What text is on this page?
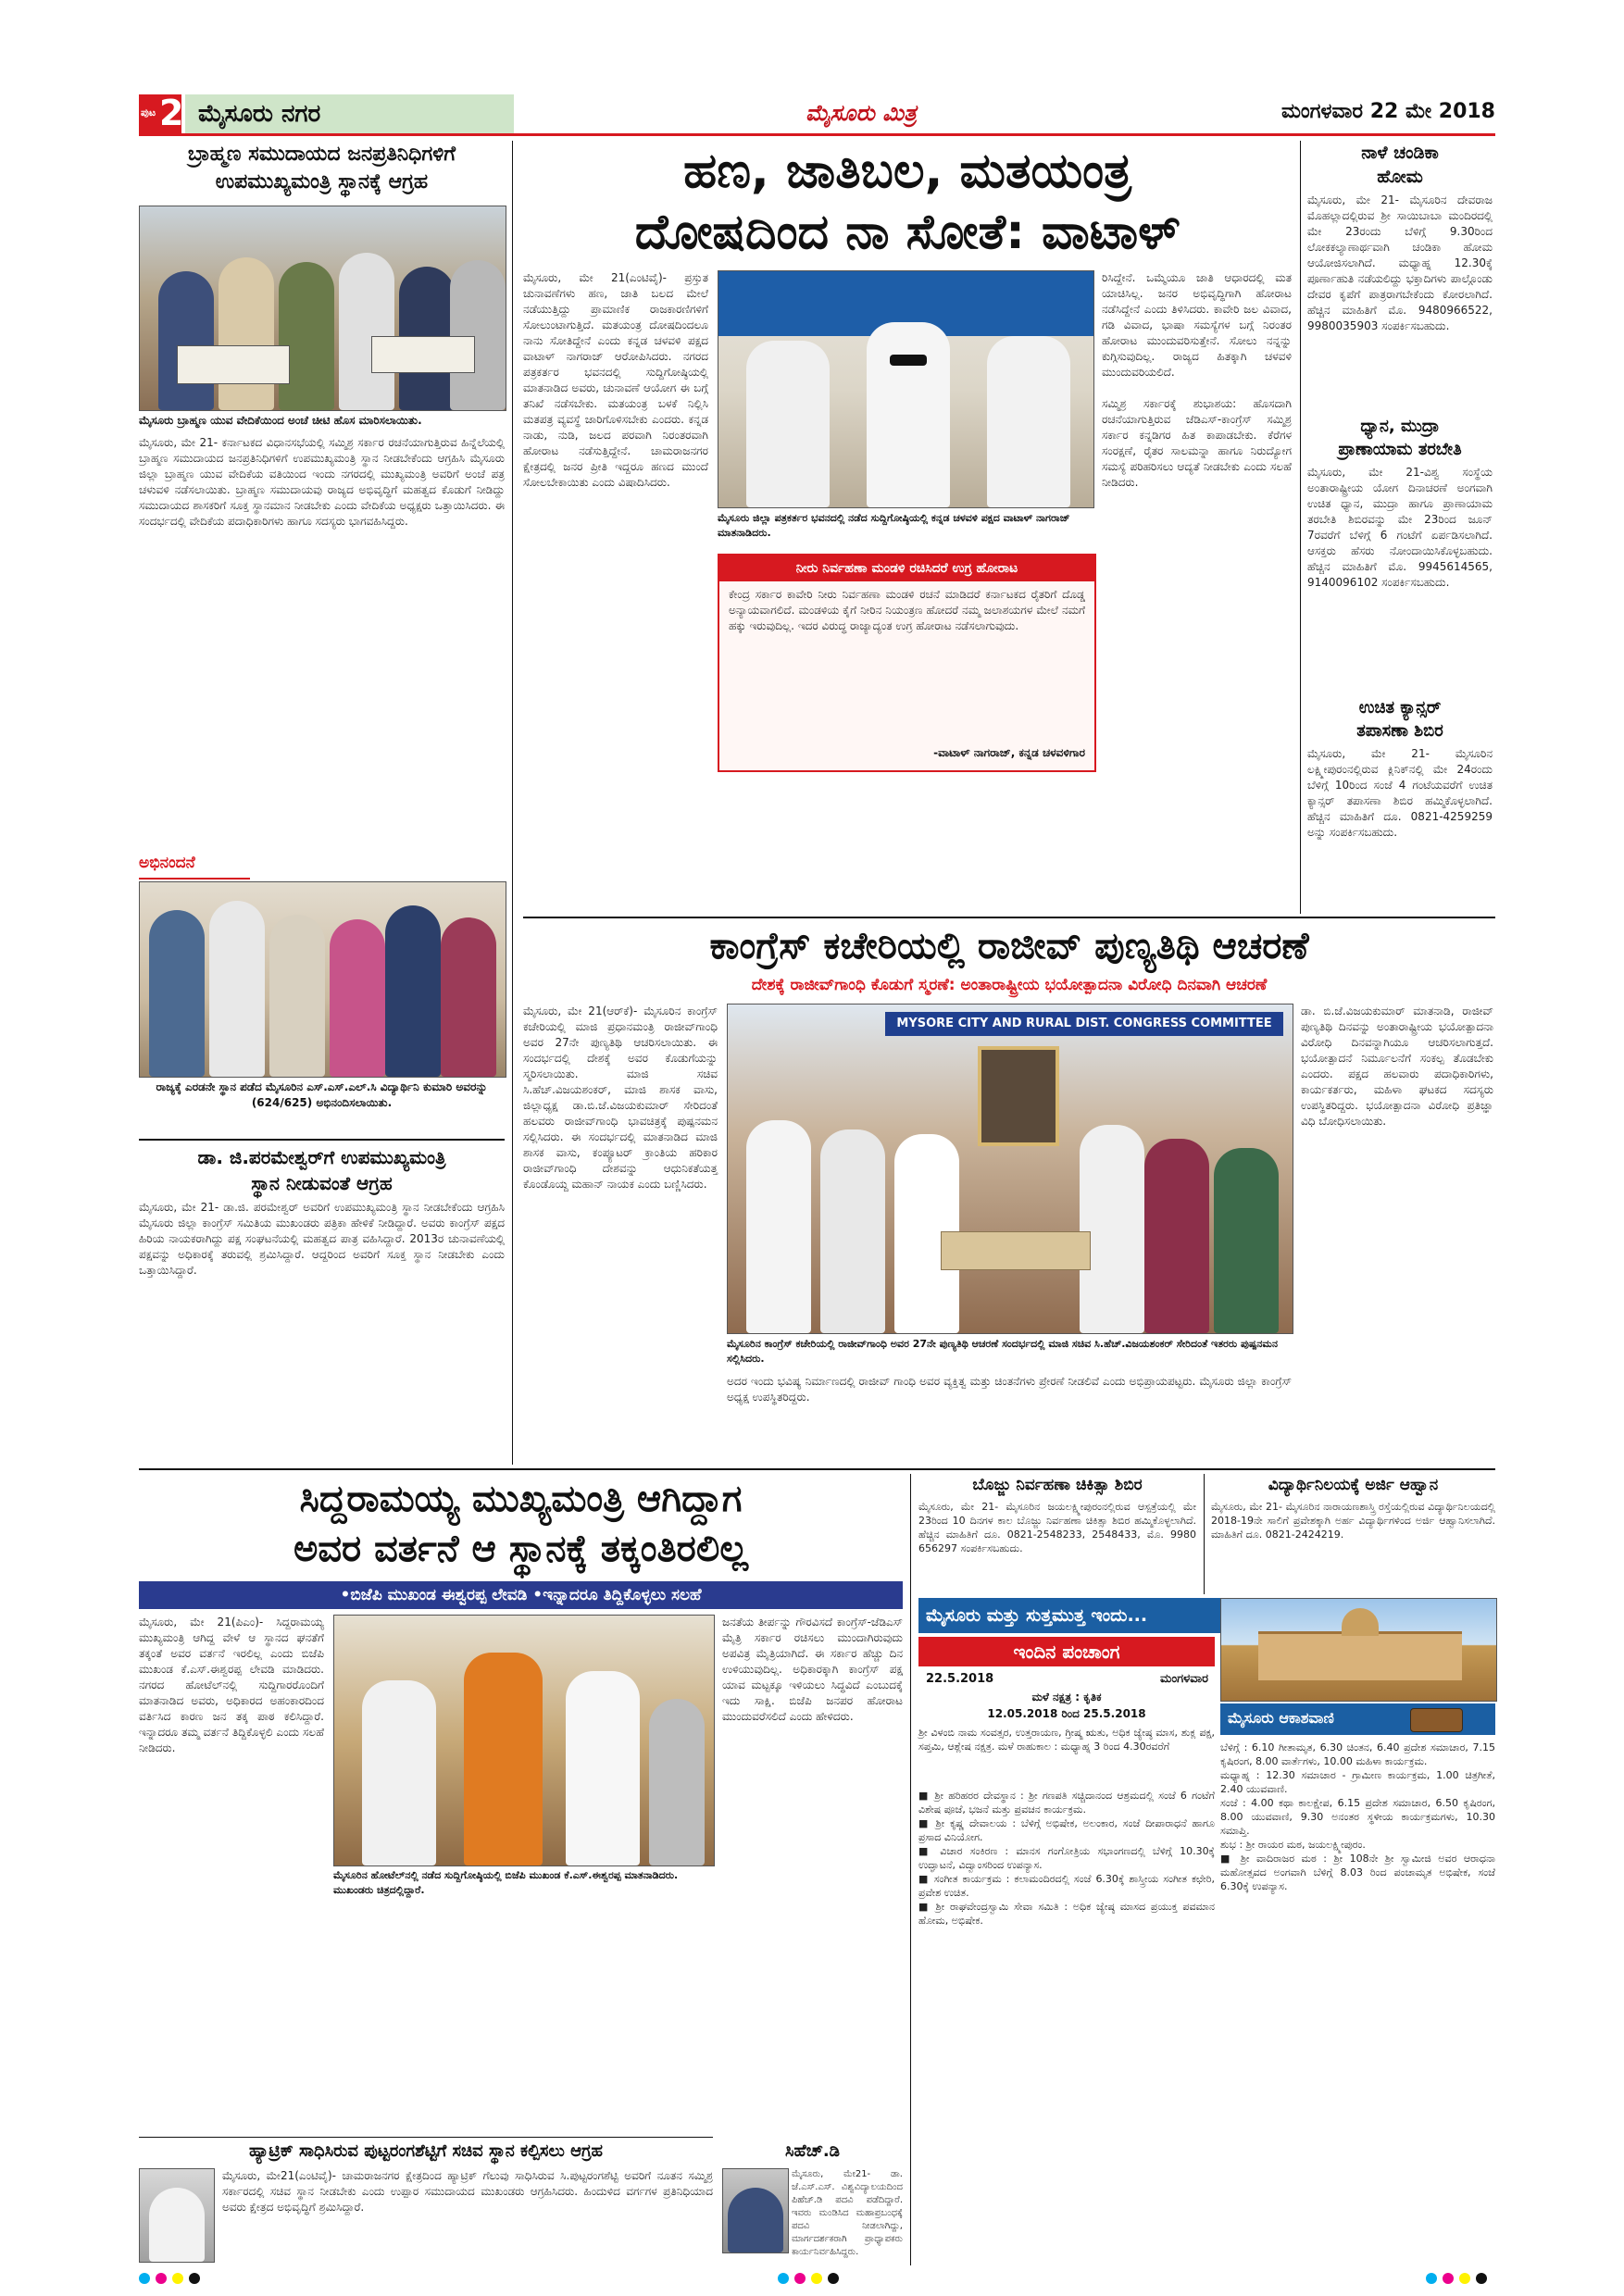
ಪುಟ 2 ಮೈಸೂರು ನಗರ	ಮೈಸೂರು ಮಿತ್ರ	ಮಂಗಳವಾರ 22 ಮೇ 2018
ಬ್ರಾಹ್ಮಣ ಸಮುದಾಯದ ಜನಪ್ರತಿನಿಧಿಗಳಿಗೆ
ಉಪಮುಖ್ಯಮಂತ್ರಿ ಸ್ಥಾನಕ್ಕೆ ಆಗ್ರಹ
ಮೈಸೂರು ಬ್ರಾಹ್ಮಣ ಯುವ ವೇದಿಕೆಯಿಂದ ಅಂಚೆ ಚೀಟಿ ಹೊಸ ಮಾರಿಸಲಾಯಿತು.
ಮೈಸೂರು, ಮೇ 21- ಕರ್ನಾಟಕದ ವಿಧಾನಸಭೆಯಲ್ಲಿ ಸಮ್ಮಿಶ್ರ ಸರ್ಕಾರ ರಚನೆಯಾಗುತ್ತಿರುವ ಹಿನ್ನೆಲೆಯಲ್ಲಿ ಬ್ರಾಹ್ಮಣ ಸಮುದಾಯದ ಜನಪ್ರತಿನಿಧಿಗಳಿಗೆ ಉಪಮುಖ್ಯಮಂತ್ರಿ ಸ್ಥಾನ ನೀಡಬೇಕೆಂದು ಆಗ್ರಹಿಸಿ ಮೈಸೂರು ಜಿಲ್ಲಾ ಬ್ರಾಹ್ಮಣ ಯುವ ವೇದಿಕೆಯ ವತಿಯಿಂದ ಇಂದು ನಗರದಲ್ಲಿ ಮುಖ್ಯಮಂತ್ರಿ ಅವರಿಗೆ ಅಂಚೆ ಪತ್ರ ಚಳುವಳಿ ನಡೆಸಲಾಯಿತು. ಬ್ರಾಹ್ಮಣ ಸಮುದಾಯವು ರಾಜ್ಯದ ಅಭಿವೃದ್ಧಿಗೆ ಮಹತ್ವದ ಕೊಡುಗೆ ನೀಡಿದ್ದು ಸಮುದಾಯದ ಶಾಸಕರಿಗೆ ಸೂಕ್ತ ಸ್ಥಾನಮಾನ ನೀಡಬೇಕು ಎಂದು ವೇದಿಕೆಯ ಅಧ್ಯಕ್ಷರು ಒತ್ತಾಯಿಸಿದರು. ಈ ಸಂದರ್ಭದಲ್ಲಿ ವೇದಿಕೆಯ ಪದಾಧಿಕಾರಿಗಳು ಹಾಗೂ ಸದಸ್ಯರು ಭಾಗವಹಿಸಿದ್ದರು.
ಅಭಿನಂದನೆ
ರಾಜ್ಯಕ್ಕೆ ಎರಡನೇ ಸ್ಥಾನ ಪಡೆದ ಮೈಸೂರಿನ ಎಸ್.ಎಸ್.ಎಲ್.ಸಿ ವಿದ್ಯಾರ್ಥಿನಿ ಕುಮಾರಿ ಅವರನ್ನು (624/625) ಅಭಿನಂದಿಸಲಾಯಿತು.
ಡಾ. ಜಿ.ಪರಮೇಶ್ವರ್‌ಗೆ ಉಪಮುಖ್ಯಮಂತ್ರಿ
ಸ್ಥಾನ ನೀಡುವಂತೆ ಆಗ್ರಹ
ಮೈಸೂರು, ಮೇ 21- ಡಾ.ಜಿ. ಪರಮೇಶ್ವರ್ ಅವರಿಗೆ ಉಪಮುಖ್ಯಮಂತ್ರಿ ಸ್ಥಾನ ನೀಡಬೇಕೆಂದು ಆಗ್ರಹಿಸಿ ಮೈಸೂರು ಜಿಲ್ಲಾ ಕಾಂಗ್ರೆಸ್ ಸಮಿತಿಯ ಮುಖಂಡರು ಪತ್ರಿಕಾ ಹೇಳಿಕೆ ನೀಡಿದ್ದಾರೆ. ಅವರು ಕಾಂಗ್ರೆಸ್ ಪಕ್ಷದ ಹಿರಿಯ ನಾಯಕರಾಗಿದ್ದು ಪಕ್ಷ ಸಂಘಟನೆಯಲ್ಲಿ ಮಹತ್ವದ ಪಾತ್ರ ವಹಿಸಿದ್ದಾರೆ. 2013ರ ಚುನಾವಣೆಯಲ್ಲಿ ಪಕ್ಷವನ್ನು ಅಧಿಕಾರಕ್ಕೆ ತರುವಲ್ಲಿ ಶ್ರಮಿಸಿದ್ದಾರೆ. ಆದ್ದರಿಂದ ಅವರಿಗೆ ಸೂಕ್ತ ಸ್ಥಾನ ನೀಡಬೇಕು ಎಂದು ಒತ್ತಾಯಿಸಿದ್ದಾರೆ.
ಹಣ, ಜಾತಿಬಲ, ಮತಯಂತ್ರ
ದೋಷದಿಂದ ನಾ ಸೋತೆ: ವಾಟಾಳ್
ಮೈಸೂರು, ಮೇ 21(ಎಂಟಿವೈ)- ಪ್ರಸ್ತುತ ಚುನಾವಣೆಗಳು ಹಣ, ಜಾತಿ ಬಲದ ಮೇಲೆ ನಡೆಯುತ್ತಿದ್ದು ಪ್ರಾಮಾಣಿಕ ರಾಜಕಾರಣಿಗಳಿಗೆ ಸೋಲುಂಟಾಗುತ್ತಿದೆ. ಮತಯಂತ್ರ ದೋಷದಿಂದಲೂ ನಾನು ಸೋತಿದ್ದೇನೆ ಎಂದು ಕನ್ನಡ ಚಳವಳಿ ಪಕ್ಷದ ವಾಟಾಳ್ ನಾಗರಾಜ್ ಆರೋಪಿಸಿದರು. ನಗರದ ಪತ್ರಕರ್ತರ ಭವನದಲ್ಲಿ ಸುದ್ದಿಗೋಷ್ಠಿಯಲ್ಲಿ ಮಾತನಾಡಿದ ಅವರು, ಚುನಾವಣೆ ಆಯೋಗ ಈ ಬಗ್ಗೆ ತನಿಖೆ ನಡೆಸಬೇಕು. ಮತಯಂತ್ರ ಬಳಕೆ ನಿಲ್ಲಿಸಿ ಮತಪತ್ರ ವ್ಯವಸ್ಥೆ ಜಾರಿಗೊಳಿಸಬೇಕು ಎಂದರು. ಕನ್ನಡ ನಾಡು, ನುಡಿ, ಜಲದ ಪರವಾಗಿ ನಿರಂತರವಾಗಿ ಹೋರಾಟ ನಡೆಸುತ್ತಿದ್ದೇನೆ. ಚಾಮರಾಜನಗರ ಕ್ಷೇತ್ರದಲ್ಲಿ ಜನರ ಪ್ರೀತಿ ಇದ್ದರೂ ಹಣದ ಮುಂದೆ ಸೋಲಬೇಕಾಯಿತು ಎಂದು ವಿಷಾದಿಸಿದರು.
ಮೈಸೂರು ಜಿಲ್ಲಾ ಪತ್ರಕರ್ತರ ಭವನದಲ್ಲಿ ನಡೆದ ಸುದ್ದಿಗೋಷ್ಠಿಯಲ್ಲಿ ಕನ್ನಡ ಚಳವಳಿ ಪಕ್ಷದ ವಾಟಾಳ್ ನಾಗರಾಜ್ ಮಾತನಾಡಿದರು.
ನೀರು ನಿರ್ವಹಣಾ ಮಂಡಳಿ ರಚಿಸಿದರೆ ಉಗ್ರ ಹೋರಾಟ
ಕೇಂದ್ರ ಸರ್ಕಾರ ಕಾವೇರಿ ನೀರು ನಿರ್ವಹಣಾ ಮಂಡಳಿ ರಚನೆ ಮಾಡಿದರೆ ಕರ್ನಾಟಕದ ರೈತರಿಗೆ ದೊಡ್ಡ ಅನ್ಯಾಯವಾಗಲಿದೆ. ಮಂಡಳಿಯ ಕೈಗೆ ನೀರಿನ ನಿಯಂತ್ರಣ ಹೋದರೆ ನಮ್ಮ ಜಲಾಶಯಗಳ ಮೇಲೆ ನಮಗೆ ಹಕ್ಕು ಇರುವುದಿಲ್ಲ. ಇದರ ವಿರುದ್ಧ ರಾಜ್ಯಾದ್ಯಂತ ಉಗ್ರ ಹೋರಾಟ ನಡೆಸಲಾಗುವುದು.
-ವಾಟಾಳ್ ನಾಗರಾಜ್, ಕನ್ನಡ ಚಳವಳಿಗಾರ
ರಿಸಿದ್ದೇನೆ. ಒಮ್ಮೆಯೂ ಜಾತಿ ಆಧಾರದಲ್ಲಿ ಮತ ಯಾಚಿಸಿಲ್ಲ. ಜನರ ಅಭಿವೃದ್ಧಿಗಾಗಿ ಹೋರಾಟ ನಡೆಸಿದ್ದೇನೆ ಎಂದು ತಿಳಿಸಿದರು. ಕಾವೇರಿ ಜಲ ವಿವಾದ, ಗಡಿ ವಿವಾದ, ಭಾಷಾ ಸಮಸ್ಯೆಗಳ ಬಗ್ಗೆ ನಿರಂತರ ಹೋರಾಟ ಮುಂದುವರಿಸುತ್ತೇನೆ. ಸೋಲು ನನ್ನನ್ನು ಕುಗ್ಗಿಸುವುದಿಲ್ಲ. ರಾಜ್ಯದ ಹಿತಕ್ಕಾಗಿ ಚಳವಳಿ ಮುಂದುವರಿಯಲಿದೆ.

ಸಮ್ಮಿಶ್ರ ಸರ್ಕಾರಕ್ಕೆ ಶುಭಾಶಯ: ಹೊಸದಾಗಿ ರಚನೆಯಾಗುತ್ತಿರುವ ಜೆಡಿಎಸ್-ಕಾಂಗ್ರೆಸ್ ಸಮ್ಮಿಶ್ರ ಸರ್ಕಾರ ಕನ್ನಡಿಗರ ಹಿತ ಕಾಪಾಡಬೇಕು. ಕೆರೆಗಳ ಸಂರಕ್ಷಣೆ, ರೈತರ ಸಾಲಮನ್ನಾ ಹಾಗೂ ನಿರುದ್ಯೋಗ ಸಮಸ್ಯೆ ಪರಿಹರಿಸಲು ಆದ್ಯತೆ ನೀಡಬೇಕು ಎಂದು ಸಲಹೆ ನೀಡಿದರು.
ನಾಳೆ ಚಂಡಿಕಾ
ಹೋಮ
ಮೈಸೂರು, ಮೇ 21- ಮೈಸೂರಿನ ದೇವರಾಜ ಮೊಹಲ್ಲಾದಲ್ಲಿರುವ ಶ್ರೀ ಸಾಯಿಬಾಬಾ ಮಂದಿರದಲ್ಲಿ ಮೇ 23ರಂದು ಬೆಳಿಗ್ಗೆ 9.30ರಿಂದ ಲೋಕಕಲ್ಯಾಣಾರ್ಥವಾಗಿ ಚಂಡಿಕಾ ಹೋಮ ಆಯೋಜಿಸಲಾಗಿದೆ. ಮಧ್ಯಾಹ್ನ 12.30ಕ್ಕೆ ಪೂರ್ಣಾಹುತಿ ನಡೆಯಲಿದ್ದು ಭಕ್ತಾದಿಗಳು ಪಾಲ್ಗೊಂಡು ದೇವರ ಕೃಪೆಗೆ ಪಾತ್ರರಾಗಬೇಕೆಂದು ಕೋರಲಾಗಿದೆ. ಹೆಚ್ಚಿನ ಮಾಹಿತಿಗೆ ಮೊ. 9480966522, 9980035903 ಸಂಪರ್ಕಿಸಬಹುದು.
ಧ್ಯಾನ, ಮುದ್ರಾ
ಪ್ರಾಣಾಯಾಮ ತರಬೇತಿ
ಮೈಸೂರು, ಮೇ 21-ವಿಶ್ವ ಸಂಸ್ಥೆಯ ಅಂತಾರಾಷ್ಟ್ರೀಯ ಯೋಗ ದಿನಾಚರಣೆ ಅಂಗವಾಗಿ ಉಚಿತ ಧ್ಯಾನ, ಮುದ್ರಾ ಹಾಗೂ ಪ್ರಾಣಾಯಾಮ ತರಬೇತಿ ಶಿಬಿರವನ್ನು ಮೇ 23ರಿಂದ ಜೂನ್ 7ರವರೆಗೆ ಬೆಳಿಗ್ಗೆ 6 ಗಂಟೆಗೆ ಏರ್ಪಡಿಸಲಾಗಿದೆ. ಆಸಕ್ತರು ಹೆಸರು ನೋಂದಾಯಿಸಿಕೊಳ್ಳಬಹುದು. ಹೆಚ್ಚಿನ ಮಾಹಿತಿಗೆ ಮೊ. 9945614565, 9140096102 ಸಂಪರ್ಕಿಸಬಹುದು.
ಉಚಿತ ಕ್ಯಾನ್ಸರ್
ತಪಾಸಣಾ ಶಿಬಿರ
ಮೈಸೂರು, ಮೇ 21- ಮೈಸೂರಿನ ಲಕ್ಷ್ಮೀಪುರಂನಲ್ಲಿರುವ ಕ್ಲಿನಿಕ್‌ನಲ್ಲಿ ಮೇ 24ರಂದು ಬೆಳಿಗ್ಗೆ 10ರಿಂದ ಸಂಜೆ 4 ಗಂಟೆಯವರೆಗೆ ಉಚಿತ ಕ್ಯಾನ್ಸರ್ ತಪಾಸಣಾ ಶಿಬಿರ ಹಮ್ಮಿಕೊಳ್ಳಲಾಗಿದೆ. ಹೆಚ್ಚಿನ ಮಾಹಿತಿಗೆ ದೂ. 0821-4259259 ಅನ್ನು ಸಂಪರ್ಕಿಸಬಹುದು.
ಕಾಂಗ್ರೆಸ್ ಕಚೇರಿಯಲ್ಲಿ ರಾಜೀವ್ ಪುಣ್ಯತಿಥಿ ಆಚರಣೆ
ದೇಶಕ್ಕೆ ರಾಜೀವ್‌ಗಾಂಧಿ ಕೊಡುಗೆ ಸ್ಮರಣೆ: ಅಂತಾರಾಷ್ಟ್ರೀಯ ಭಯೋತ್ಪಾದನಾ ವಿರೋಧಿ ದಿನವಾಗಿ ಆಚರಣೆ
ಮೈಸೂರು, ಮೇ 21(ಆರ್‌ಕೆ)- ಮೈಸೂರಿನ ಕಾಂಗ್ರೆಸ್ ಕಚೇರಿಯಲ್ಲಿ ಮಾಜಿ ಪ್ರಧಾನಮಂತ್ರಿ ರಾಜೀವ್‌ಗಾಂಧಿ ಅವರ 27ನೇ ಪುಣ್ಯತಿಥಿ ಆಚರಿಸಲಾಯಿತು. ಈ ಸಂದರ್ಭದಲ್ಲಿ ದೇಶಕ್ಕೆ ಅವರ ಕೊಡುಗೆಯನ್ನು ಸ್ಮರಿಸಲಾಯಿತು. ಮಾಜಿ ಸಚಿವ ಸಿ.ಹೆಚ್.ವಿಜಯಶಂಕರ್, ಮಾಜಿ ಶಾಸಕ ವಾಸು, ಜಿಲ್ಲಾಧ್ಯಕ್ಷ ಡಾ.ಬಿ.ಜೆ.ವಿಜಯಕುಮಾರ್ ಸೇರಿದಂತೆ ಹಲವರು ರಾಜೀವ್‌ಗಾಂಧಿ ಭಾವಚಿತ್ರಕ್ಕೆ ಪುಷ್ಪನಮನ ಸಲ್ಲಿಸಿದರು. ಈ ಸಂದರ್ಭದಲ್ಲಿ ಮಾತನಾಡಿದ ಮಾಜಿ ಶಾಸಕ ವಾಸು, ಕಂಪ್ಯೂಟರ್ ಕ್ರಾಂತಿಯ ಹರಿಕಾರ ರಾಜೀವ್‌ಗಾಂಧಿ ದೇಶವನ್ನು ಆಧುನಿಕತೆಯತ್ತ ಕೊಂಡೊಯ್ದ ಮಹಾನ್ ನಾಯಕ ಎಂದು ಬಣ್ಣಿಸಿದರು.
MYSORE CITY AND RURAL DIST. CONGRESS COMMITTEE
ಮೈಸೂರಿನ ಕಾಂಗ್ರೆಸ್ ಕಚೇರಿಯಲ್ಲಿ ರಾಜೀವ್‌ಗಾಂಧಿ ಅವರ 27ನೇ ಪುಣ್ಯತಿಥಿ ಆಚರಣೆ ಸಂದರ್ಭದಲ್ಲಿ ಮಾಜಿ ಸಚಿವ ಸಿ.ಹೆಚ್.ವಿಜಯಶಂಕರ್ ಸೇರಿದಂತೆ ಇತರರು ಪುಷ್ಪನಮನ ಸಲ್ಲಿಸಿದರು.
ಅದರ ಇಂದು ಭವಿಷ್ಯ ನಿರ್ಮಾಣದಲ್ಲಿ ರಾಜೀವ್ ಗಾಂಧಿ ಅವರ ವ್ಯಕ್ತಿತ್ವ ಮತ್ತು ಚಿಂತನೆಗಳು ಪ್ರೇರಣೆ ನೀಡಲಿವೆ ಎಂದು ಅಭಿಪ್ರಾಯಪಟ್ಟರು. ಮೈಸೂರು ಜಿಲ್ಲಾ ಕಾಂಗ್ರೆಸ್ ಅಧ್ಯಕ್ಷ ಉಪಸ್ಥಿತರಿದ್ದರು.
ಡಾ. ಬಿ.ಜೆ.ವಿಜಯಕುಮಾರ್ ಮಾತನಾಡಿ, ರಾಜೀವ್ ಪುಣ್ಯತಿಥಿ ದಿನವನ್ನು ಅಂತಾರಾಷ್ಟ್ರೀಯ ಭಯೋತ್ಪಾದನಾ ವಿರೋಧಿ ದಿನವನ್ನಾಗಿಯೂ ಆಚರಿಸಲಾಗುತ್ತದೆ. ಭಯೋತ್ಪಾದನೆ ನಿರ್ಮೂಲನೆಗೆ ಸಂಕಲ್ಪ ತೊಡಬೇಕು ಎಂದರು. ಪಕ್ಷದ ಹಲವಾರು ಪದಾಧಿಕಾರಿಗಳು, ಕಾರ್ಯಕರ್ತರು, ಮಹಿಳಾ ಘಟಕದ ಸದಸ್ಯರು ಉಪಸ್ಥಿತರಿದ್ದರು. ಭಯೋತ್ಪಾದನಾ ವಿರೋಧಿ ಪ್ರತಿಜ್ಞಾ ವಿಧಿ ಬೋಧಿಸಲಾಯಿತು.
ಸಿದ್ದರಾಮಯ್ಯ ಮುಖ್ಯಮಂತ್ರಿ ಆಗಿದ್ದಾಗ
ಅವರ ವರ್ತನೆ ಆ ಸ್ಥಾನಕ್ಕೆ ತಕ್ಕಂತಿರಲಿಲ್ಲ
•ಬಿಜೆಪಿ ಮುಖಂಡ ಈಶ್ವರಪ್ಪ ಲೇವಡಿ •ಇನ್ನಾದರೂ ತಿದ್ದಿಕೊಳ್ಳಲು ಸಲಹೆ
ಮೈಸೂರು, ಮೇ 21(ಪಿಎಂ)- ಸಿದ್ದರಾಮಯ್ಯ ಮುಖ್ಯಮಂತ್ರಿ ಆಗಿದ್ದ ವೇಳೆ ಆ ಸ್ಥಾನದ ಘನತೆಗೆ ತಕ್ಕಂತೆ ಅವರ ವರ್ತನೆ ಇರಲಿಲ್ಲ ಎಂದು ಬಿಜೆಪಿ ಮುಖಂಡ ಕೆ.ಎಸ್.ಈಶ್ವರಪ್ಪ ಲೇವಡಿ ಮಾಡಿದರು. ನಗರದ ಹೋಟೆಲ್‌ನಲ್ಲಿ ಸುದ್ದಿಗಾರರೊಂದಿಗೆ ಮಾತನಾಡಿದ ಅವರು, ಅಧಿಕಾರದ ಅಹಂಕಾರದಿಂದ ವರ್ತಿಸಿದ ಕಾರಣ ಜನ ತಕ್ಕ ಪಾಠ ಕಲಿಸಿದ್ದಾರೆ. ಇನ್ನಾದರೂ ತಮ್ಮ ವರ್ತನೆ ತಿದ್ದಿಕೊಳ್ಳಲಿ ಎಂದು ಸಲಹೆ ನೀಡಿದರು.
ಮೈಸೂರಿನ ಹೋಟೆಲ್‌ನಲ್ಲಿ ನಡೆದ ಸುದ್ದಿಗೋಷ್ಠಿಯಲ್ಲಿ ಬಿಜೆಪಿ ಮುಖಂಡ ಕೆ.ಎಸ್.ಈಶ್ವರಪ್ಪ ಮಾತನಾಡಿದರು. ಮುಖಂಡರು ಚಿತ್ರದಲ್ಲಿದ್ದಾರೆ.
ಜನತೆಯ ತೀರ್ಪನ್ನು ಗೌರವಿಸದೆ ಕಾಂಗ್ರೆಸ್-ಜೆಡಿಎಸ್ ಮೈತ್ರಿ ಸರ್ಕಾರ ರಚಿಸಲು ಮುಂದಾಗಿರುವುದು ಅಪವಿತ್ರ ಮೈತ್ರಿಯಾಗಿದೆ. ಈ ಸರ್ಕಾರ ಹೆಚ್ಚು ದಿನ ಉಳಿಯುವುದಿಲ್ಲ. ಅಧಿಕಾರಕ್ಕಾಗಿ ಕಾಂಗ್ರೆಸ್ ಪಕ್ಷ ಯಾವ ಮಟ್ಟಕ್ಕೂ ಇಳಿಯಲು ಸಿದ್ಧವಿದೆ ಎಂಬುದಕ್ಕೆ ಇದು ಸಾಕ್ಷಿ. ಬಿಜೆಪಿ ಜನಪರ ಹೋರಾಟ ಮುಂದುವರೆಸಲಿದೆ ಎಂದು ಹೇಳಿದರು.
ಹ್ಯಾಟ್ರಿಕ್ ಸಾಧಿಸಿರುವ ಪುಟ್ಟರಂಗಶೆಟ್ಟಿಗೆ ಸಚಿವ ಸ್ಥಾನ ಕಲ್ಪಿಸಲು ಆಗ್ರಹ
ಮೈಸೂರು, ಮೇ21(ಎಂಟಿವೈ)- ಚಾಮರಾಜನಗರ ಕ್ಷೇತ್ರದಿಂದ ಹ್ಯಾಟ್ರಿಕ್ ಗೆಲುವು ಸಾಧಿಸಿರುವ ಸಿ.ಪುಟ್ಟರಂಗಶೆಟ್ಟಿ ಅವರಿಗೆ ನೂತನ ಸಮ್ಮಿಶ್ರ ಸರ್ಕಾರದಲ್ಲಿ ಸಚಿವ ಸ್ಥಾನ ನೀಡಬೇಕು ಎಂದು ಉಪ್ಪಾರ ಸಮುದಾಯದ ಮುಖಂಡರು ಆಗ್ರಹಿಸಿದರು. ಹಿಂದುಳಿದ ವರ್ಗಗಳ ಪ್ರತಿನಿಧಿಯಾದ ಅವರು ಕ್ಷೇತ್ರದ ಅಭಿವೃದ್ಧಿಗೆ ಶ್ರಮಿಸಿದ್ದಾರೆ.
ಸಿಹೆಚ್.ಡಿ
ಮೈಸೂರು, ಮೇ21- ಡಾ. ಜೆ.ಎಸ್.ಎಸ್. ವಿಶ್ವವಿದ್ಯಾಲಯದಿಂದ ಪಿಹೆಚ್.ಡಿ ಪದವಿ ಪಡೆದಿದ್ದಾರೆ. ಇವರು ಮಂಡಿಸಿದ ಮಹಾಪ್ರಬಂಧಕ್ಕೆ ಪದವಿ ನೀಡಲಾಗಿದ್ದು, ಮಾರ್ಗದರ್ಶಕರಾಗಿ ಪ್ರಾಧ್ಯಾಪಕರು ಕಾರ್ಯನಿರ್ವಹಿಸಿದ್ದರು.
ಬೊಜ್ಜು ನಿರ್ವಹಣಾ ಚಿಕಿತ್ಸಾ ಶಿಬಿರ
ಮೈಸೂರು, ಮೇ 21- ಮೈಸೂರಿನ ಜಯಲಕ್ಷ್ಮೀಪುರಂನಲ್ಲಿರುವ ಆಸ್ಪತ್ರೆಯಲ್ಲಿ ಮೇ 23ರಿಂದ 10 ದಿನಗಳ ಕಾಲ ಬೊಜ್ಜು ನಿರ್ವಹಣಾ ಚಿಕಿತ್ಸಾ ಶಿಬಿರ ಹಮ್ಮಿಕೊಳ್ಳಲಾಗಿದೆ. ಹೆಚ್ಚಿನ ಮಾಹಿತಿಗೆ ದೂ. 0821-2548233, 2548433, ಮೊ. 9980 656297 ಸಂಪರ್ಕಿಸಬಹುದು.
ವಿದ್ಯಾರ್ಥಿನಿಲಯಕ್ಕೆ ಅರ್ಜಿ ಆಹ್ವಾನ
ಮೈಸೂರು, ಮೇ 21- ಮೈಸೂರಿನ ನಾರಾಯಣಶಾಸ್ತ್ರಿ ರಸ್ತೆಯಲ್ಲಿರುವ ವಿದ್ಯಾರ್ಥಿನಿಲಯದಲ್ಲಿ 2018-19ನೇ ಸಾಲಿಗೆ ಪ್ರವೇಶಕ್ಕಾಗಿ ಅರ್ಹ ವಿದ್ಯಾರ್ಥಿಗಳಿಂದ ಅರ್ಜಿ ಆಹ್ವಾನಿಸಲಾಗಿದೆ. ಮಾಹಿತಿಗೆ ದೂ. 0821-2424219.
ಮೈಸೂರು ಮತ್ತು ಸುತ್ತಮುತ್ತ ಇಂದು...
ಇಂದಿನ ಪಂಚಾಂಗ
22.5.2018	ಮಂಗಳವಾರ
ಮಳೆ ನಕ್ಷತ್ರ : ಕೃತಿಕ
12.05.2018 ರಿಂದ 25.5.2018
ಶ್ರೀ ವಿಳಂಬಿ ನಾಮ ಸಂವತ್ಸರ, ಉತ್ತರಾಯಣ, ಗ್ರೀಷ್ಮ ಋತು, ಅಧಿಕ ಜ್ಯೇಷ್ಠ ಮಾಸ, ಶುಕ್ಲ ಪಕ್ಷ, ಸಪ್ತಮಿ, ಆಶ್ಲೇಷ ನಕ್ಷತ್ರ. ಮಳೆ ರಾಹುಕಾಲ : ಮಧ್ಯಾಹ್ನ 3 ರಿಂದ 4.30ರವರೆಗೆ
■ ಶ್ರೀ ಹರಿಹರರ ದೇವಸ್ಥಾನ : ಶ್ರೀ ಗಣಪತಿ ಸಚ್ಚಿದಾನಂದ ಆಶ್ರಮದಲ್ಲಿ ಸಂಜೆ 6 ಗಂಟೆಗೆ ವಿಶೇಷ ಪೂಜೆ, ಭಜನೆ ಮತ್ತು ಪ್ರವಚನ ಕಾರ್ಯಕ್ರಮ.
■ ಶ್ರೀ ಕೃಷ್ಣ ದೇವಾಲಯ : ಬೆಳಿಗ್ಗೆ ಅಭಿಷೇಕ, ಅಲಂಕಾರ, ಸಂಜೆ ದೀಪಾರಾಧನೆ ಹಾಗೂ ಪ್ರಸಾದ ವಿನಿಯೋಗ.
■ ವಿಚಾರ ಸಂಕಿರಣ : ಮಾನಸ ಗಂಗೋತ್ರಿಯ ಸಭಾಂಗಣದಲ್ಲಿ ಬೆಳಿಗ್ಗೆ 10.30ಕ್ಕೆ ಉದ್ಘಾಟನೆ, ವಿದ್ವಾಂಸರಿಂದ ಉಪನ್ಯಾಸ.
■ ಸಂಗೀತ ಕಾರ್ಯಕ್ರಮ : ಕಲಾಮಂದಿರದಲ್ಲಿ ಸಂಜೆ 6.30ಕ್ಕೆ ಶಾಸ್ತ್ರೀಯ ಸಂಗೀತ ಕಛೇರಿ, ಪ್ರವೇಶ ಉಚಿತ.
■ ಶ್ರೀ ರಾಘವೇಂದ್ರಸ್ವಾಮಿ ಸೇವಾ ಸಮಿತಿ : ಅಧಿಕ ಜ್ಯೇಷ್ಠ ಮಾಸದ ಪ್ರಯುಕ್ತ ಪವಮಾನ ಹೋಮ, ಅಭಿಷೇಕ.
ಮೈಸೂರು ಆಕಾಶವಾಣಿ
ಬೆಳಿಗ್ಗೆ : 6.10 ಗೀತಾಮೃತ, 6.30 ಚಿಂತನ, 6.40 ಪ್ರದೇಶ ಸಮಾಚಾರ, 7.15 ಕೃಷಿರಂಗ, 8.00 ವಾರ್ತೆಗಳು, 10.00 ಮಹಿಳಾ ಕಾರ್ಯಕ್ರಮ.
ಮಧ್ಯಾಹ್ನ : 12.30 ಸಮಾಚಾರ - ಗ್ರಾಮೀಣ ಕಾರ್ಯಕ್ರಮ, 1.00 ಚಿತ್ರಗೀತೆ, 2.40 ಯುವವಾಣಿ.
ಸಂಜೆ : 4.00 ಕಥಾ ಕಾಲಕ್ಷೇಪ, 6.15 ಪ್ರದೇಶ ಸಮಾಚಾರ, 6.50 ಕೃಷಿರಂಗ, 8.00 ಯುವವಾಣಿ, 9.30 ಅನಂತರ ಸ್ಥಳೀಯ ಕಾರ್ಯಕ್ರಮಗಳು, 10.30 ಸಮಾಪ್ತಿ.
ಶುಭ : ಶ್ರೀ ರಾಯರ ಮಠ, ಜಯಲಕ್ಷ್ಮೀಪುರಂ.
■ ಶ್ರೀ ವಾದಿರಾಜರ ಮಠ : ಶ್ರೀ 108ನೇ ಶ್ರೀ ಸ್ವಾಮೀಜಿ ಅವರ ಆರಾಧನಾ ಮಹೋತ್ಸವದ ಅಂಗವಾಗಿ ಬೆಳಿಗ್ಗೆ 8.03 ರಿಂದ ಪಂಚಾಮೃತ ಅಭಿಷೇಕ, ಸಂಜೆ 6.30ಕ್ಕೆ ಉಪನ್ಯಾಸ.
